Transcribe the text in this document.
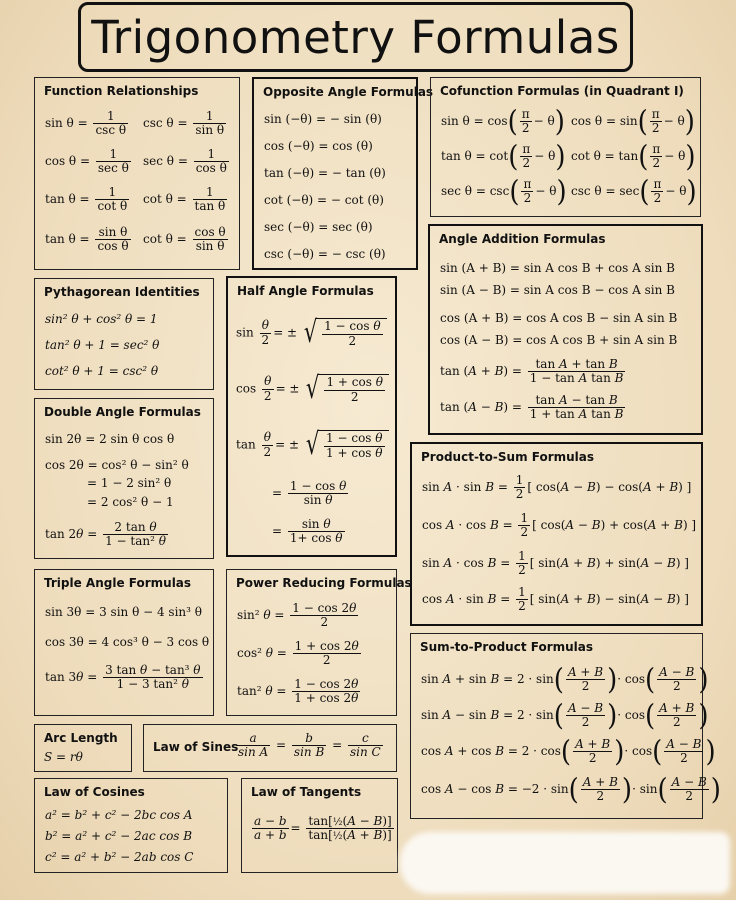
Trigonometry Formulas
Function Relationships
sin θ =
1
csc θ $\csc \theta = \frac{1}{\text{sin θ}}$
cos θ =
1
sec θ $\sec \theta = \frac{1}{\text{cos θ}}$
$\tan \theta = \frac{1}{\text{cot θ}}$ $\cot \theta = \frac{1}{\text{tan θ}}$
$\tan \theta = \frac{\text{sin θ}}{\text{cos θ}}$ $\cot \theta = \frac{\text{cos θ}}{\text{sin θ}}$
Opposite Angle Formulas
sin (−θ) = − sin (θ)
cos (−θ) = cos (θ)
tan (−θ) = − tan (θ)
cot (−θ) = − cot (θ)
sec (−θ) = sec (θ)
csc (−θ) = − csc (θ)
Cofunction Formulas (in Quadrant I)
$\sin \theta = \cos( \frac{\pi}{2} - \theta)$ $\cos \theta = \sin( \frac{\pi}{2} - \theta)$
$\tan \theta = \cot( \frac{\pi}{2} - \theta)$ $\cot \theta = \tan( \frac{\pi}{2} - \theta)$
$\sec \theta = \csc( \frac{\pi}{2} - \theta)$ $\csc \theta = \sec( \frac{\pi}{2} - \theta)$
Angle Addition Formulas
sin (A + B) = sin A cos B + cos A sin B
sin (A − B) = sin A cos B − cos A sin B
cos (A + B) = cos A cos B − sin A sin B
cos (A − B) = cos A cos B + sin A sin B
$\tan (A + B) = \frac{\text{tan A + tan B}}{\text{1 − tan A tan B}}$
$\tan (A - B) = \frac{\text{tan A − tan B}}{\text{1 + tan A tan B}}$
Pythagorean Identities
sin² θ + cos² θ = 1
tan² θ + 1 = sec² θ
cot² θ + 1 = csc² θ
Half Angle Formulas
$\sin \frac{\theta}{2}$ = ± √ $\frac{\text{1 − cos θ}}{2}$
$\cos \frac{\theta}{2}$ = ± √ $\frac{\text{1 + cos θ}}{2}$
$\tan \frac{\theta}{2}$ = ± √ $\frac{\text{1 − cos θ}}{\text{1 + cos θ}}$
= $\frac{\text{1 − cos θ}}{\text{sin θ}}$
= $\frac{\text{sin θ}}{\text{1+ cos θ}}$
Double Angle Formulas
sin 2θ = 2 sin θ cos θ
cos 2θ = cos² θ − sin² θ
= 1 − 2 sin² θ
= 2 cos² θ − 1
$\tan 2\theta = \frac{\text{2 tan θ}}{\text{1 − tan² θ}}$
Product-to-Sum Formulas
$\sin A \cdot \sin B = \frac{1}{2}$ [ cos(A − B) − cos(A + B) ]
$\cos A \cdot \cos B = \frac{1}{2}$ [ cos(A − B) + cos(A + B) ]
$\sin A \cdot \cos B = \frac{1}{2}$ [ sin(A + B) + sin(A − B) ]
$\cos A \cdot \sin B = \frac{1}{2}$ [ sin(A + B) − sin(A − B) ]
Triple Angle Formulas
sin 3θ = 3 sin θ − 4 sin³ θ
cos 3θ = 4 cos³ θ − 3 cos θ
$\tan 3\theta = \frac{\text{3 tan θ − tan³ θ}}{\text{1 − 3 tan² θ}}$
Power Reducing Formulas
sin² $\theta = \frac{1 - \cos 2\theta}{2}$
cos² $\theta = \frac{1 + \cos 2\theta}{2}$
tan² $\theta = \frac{1 - \cos 2\theta}{1 + \cos 2\theta}$
Sum-to-Product Formulas
$\sin A + \sin B = 2 \cdot \sin( \frac{A + B}{2}$ )· $\cos( \frac{A - B}{2}$ )
$\sin A - \sin B = 2 \cdot \sin( \frac{A - B}{2}$ )· $\cos( \frac{A + B}{2}$ )
$\cos A + \cos B = 2 \cdot \cos( \frac{A + B}{2}$ )· $\cos( \frac{A - B}{2}$ )
$\cos A - \cos B = -2 \cdot \sin( \frac{A + B}{2}$ )· $\sin( \frac{A - B}{2}$ )
Arc Length
S = rθ
Law of Sines
$\frac{a}{\text{sin A}} = \frac{b}{\text{sin B}} = \frac{c}{\text{sin C}}$
Law of Cosines
a² = b² + c² − 2bc cos A
b² = a² + c² − 2ac cos B
c² = a² + b² − 2ab cos C
Law of Tangents
$\frac{a - b}{a + b} = \frac{\text{tan[½(A − B)]}}{\text{tan[½(A + B)]}}$
